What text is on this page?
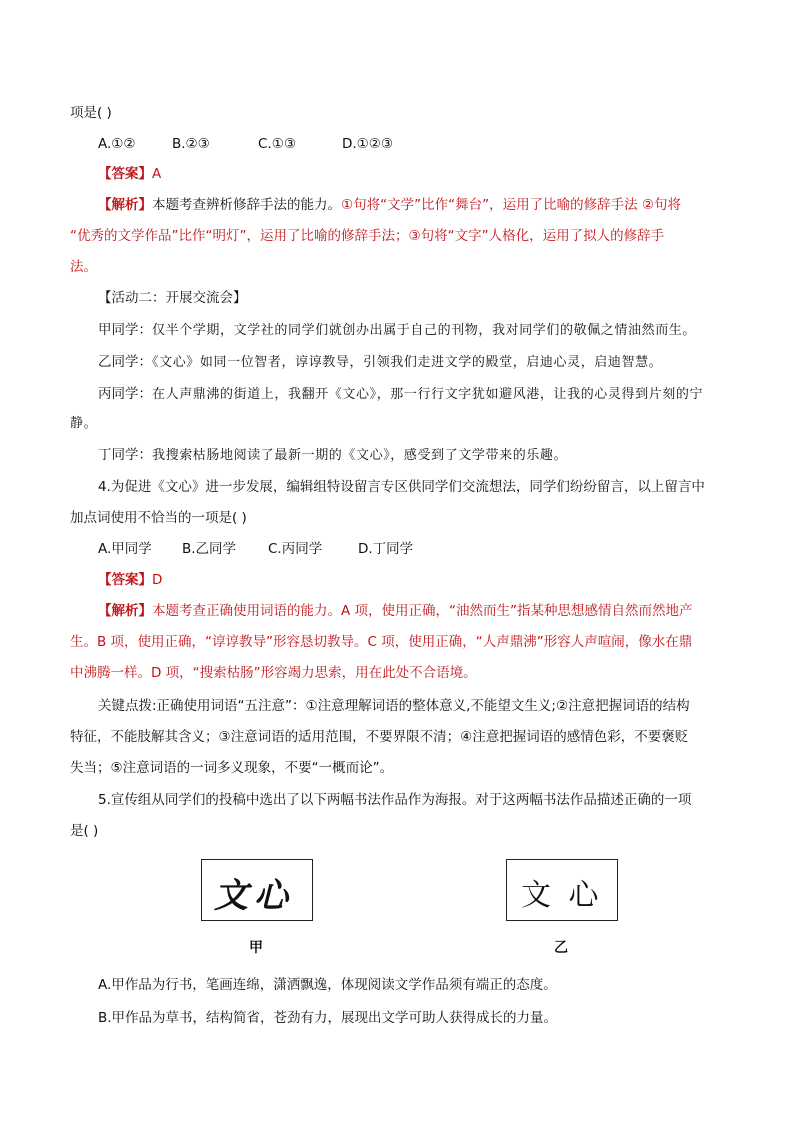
项是( )
A.①②	B.②③	C.①③	D.①②③
【答案】A
【解析】本题考查辨析修辞手法的能力。①句将“文学”比作“舞台”，运用了比喻的修辞手法 ②句将
“优秀的文学作品”比作“明灯”，运用了比喻的修辞手法；③句将“文字”人格化，运用了拟人的修辞手
法。
【活动二：开展交流会】
甲同学：仅半个学期，文学社的同学们就创办出属于自己的刊物，我对同学们的敬佩之情油然而生。
乙同学：《文心》如同一位智者，谆谆教导，引领我们走进文学的殿堂，启迪心灵，启迪智慧。
丙同学：在人声鼎沸的街道上，我翻开《文心》，那一行行文字犹如避风港，让我的心灵得到片刻的宁
静。
丁同学：我搜索枯肠地阅读了最新一期的《文心》，感受到了文学带来的乐趣。
4.为促进《文心》进一步发展，编辑组特设留言专区供同学们交流想法，同学们纷纷留言，以上留言中
加点词使用不恰当的一项是( )
A.甲同学 B.乙同学 C.丙同学	D.丁同学
【答案】D
【解析】本题考查正确使用词语的能力。A 项，使用正确，“油然而生”指某种思想感情自然而然地产
生。B 项，使用正确，“谆谆教导”形容恳切教导。C 项，使用正确，“人声鼎沸”形容人声喧闹，像水在鼎
中沸腾一样。D 项，“搜索枯肠”形容竭力思索，用在此处不合语境。
关键点拨:正确使用词语“五注意”：①注意理解词语的整体意义,不能望文生义;②注意把握词语的结构
特征，不能肢解其含义；③注意词语的适用范围，不要界限不清；④注意把握词语的感情色彩，不要褒贬
失当；⑤注意词语的一词多义现象，不要“一概而论”。
5.宣传组从同学们的投稿中选出了以下两幅书法作品作为海报。对于这两幅书法作品描述正确的一项
是( )
文心	文 心
甲	乙
A.甲作品为行书，笔画连绵，潇洒飘逸，体现阅读文学作品须有端正的态度。
B.甲作品为草书，结构简省，苍劲有力，展现出文学可助人获得成长的力量。
